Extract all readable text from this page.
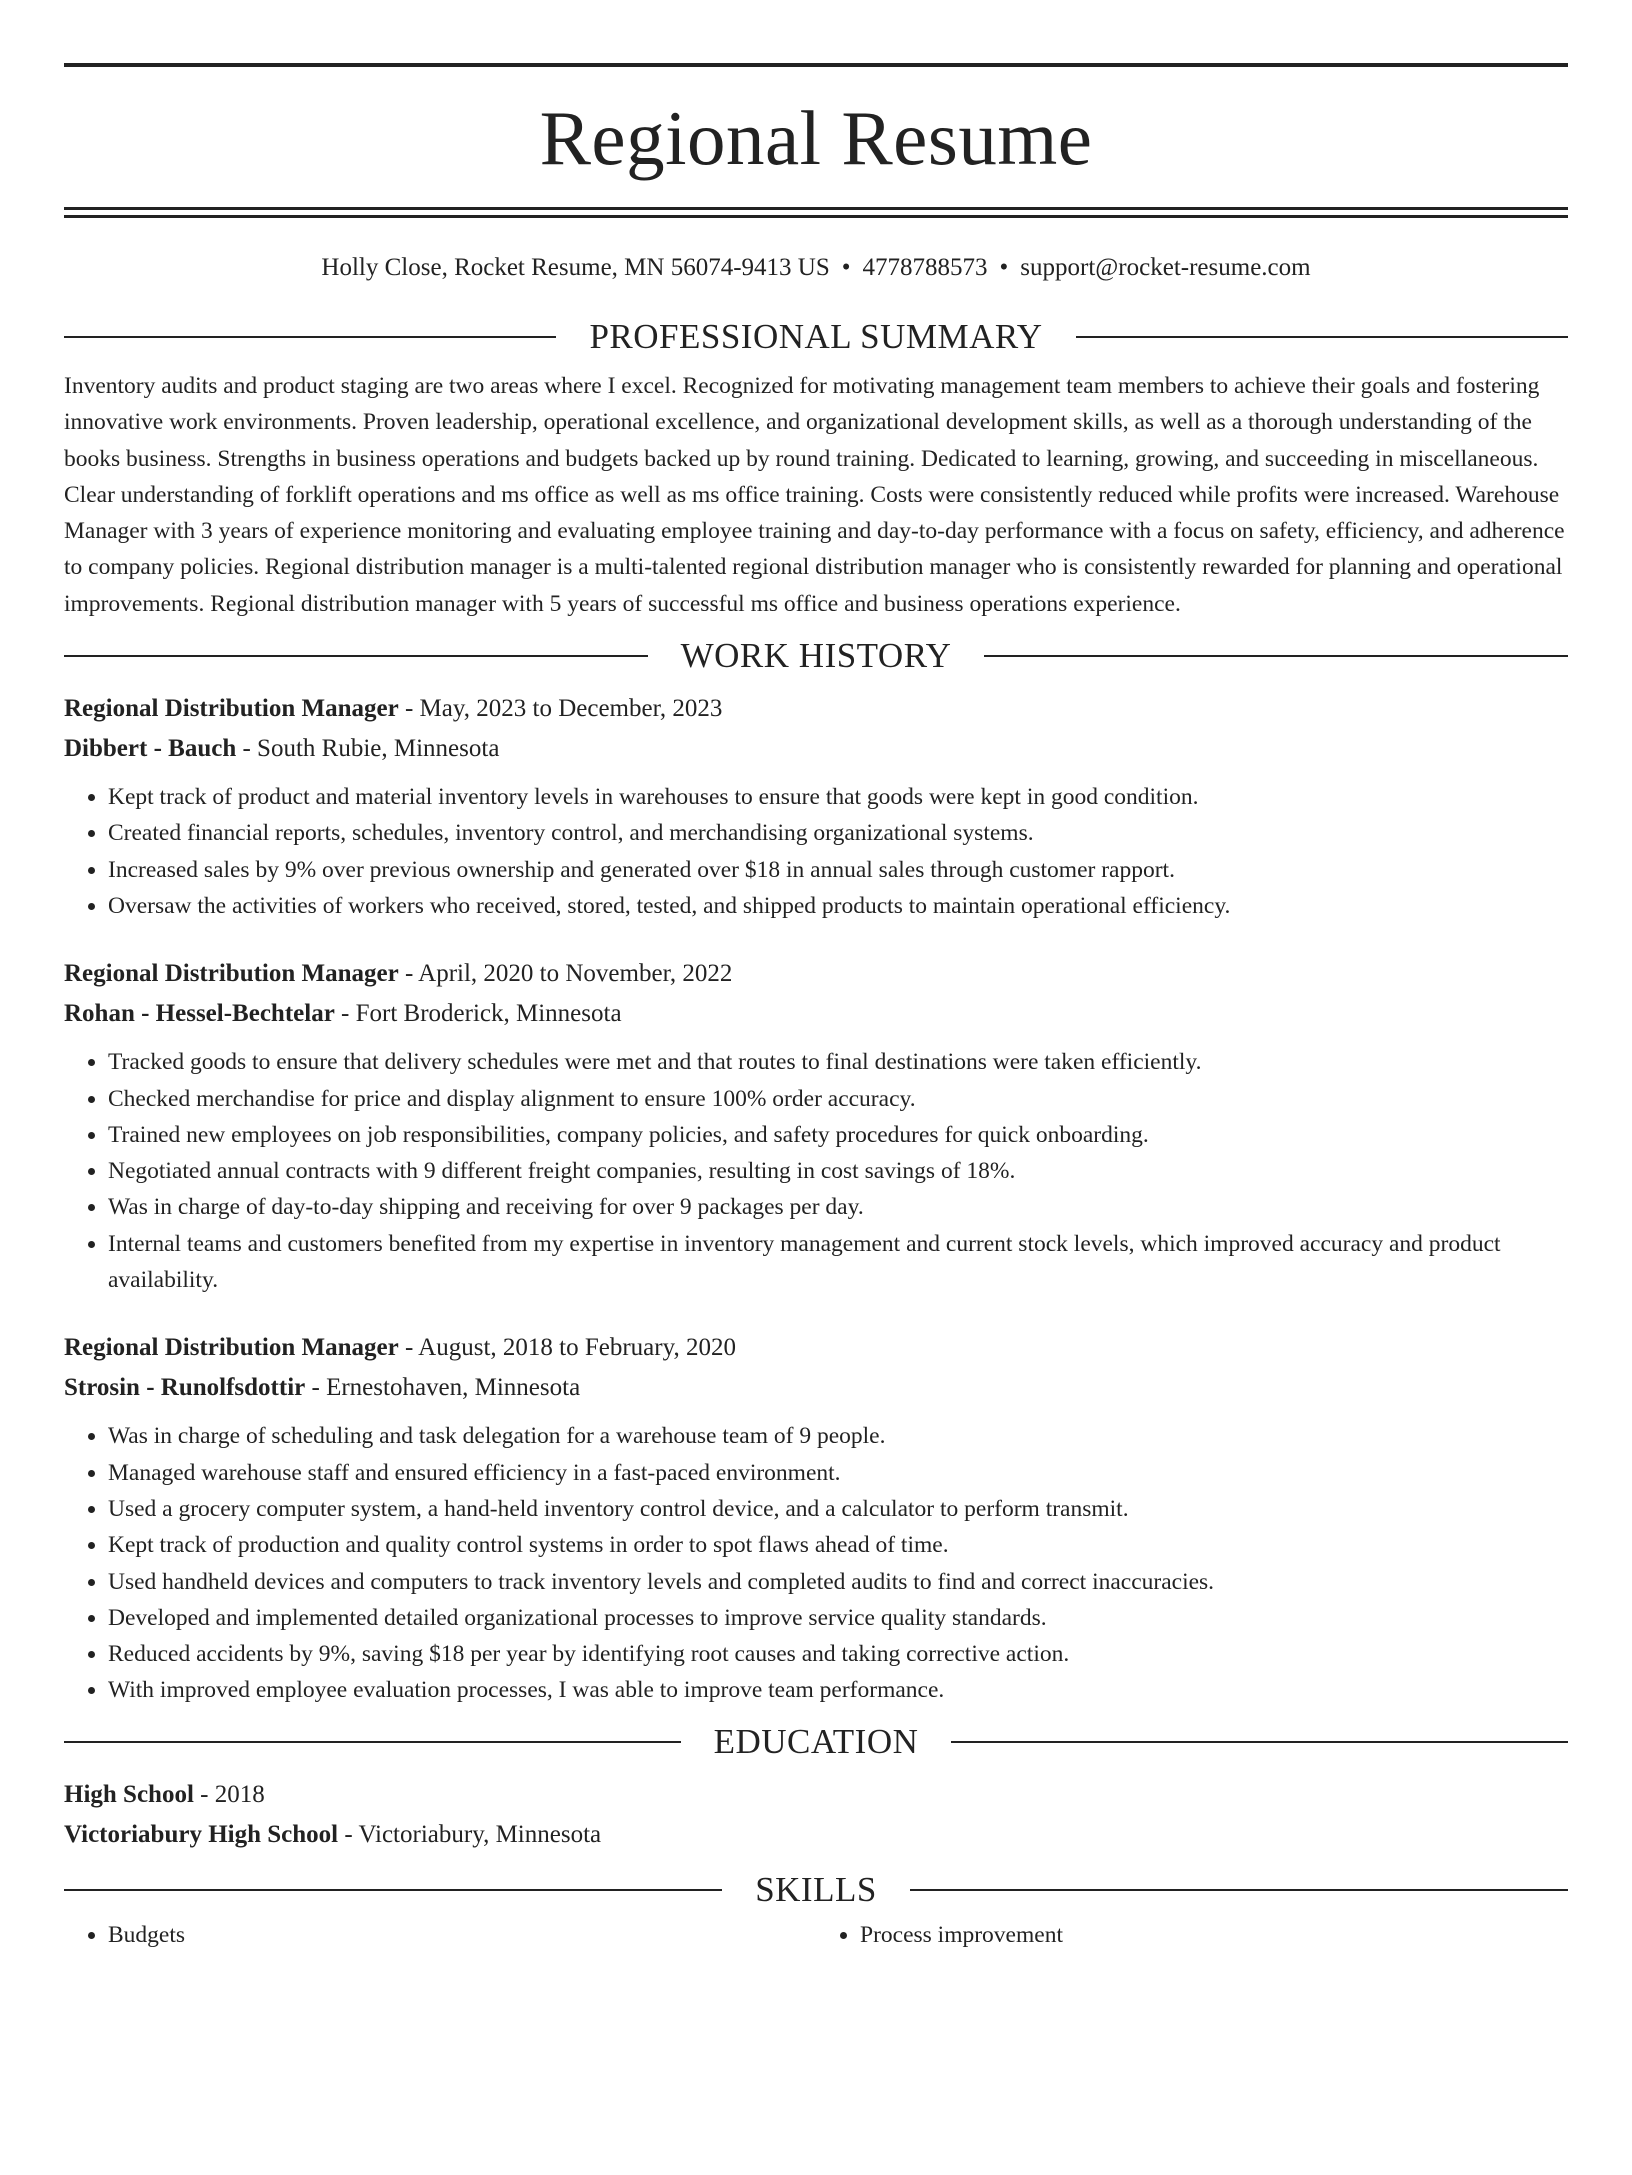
Regional Resume
Holly Close, Rocket Resume, MN 56074-9413 US • 4778788573 • support@rocket-resume.com
PROFESSIONAL SUMMARY

Inventory audits and product staging are two areas where I excel. Recognized for motivating management team members to achieve their goals and fostering innovative work environments. Proven leadership, operational excellence, and organizational development skills, as well as a thorough understanding of the books business. Strengths in business operations and budgets backed up by round training. Dedicated to learning, growing, and succeeding in miscellaneous. Clear understanding of forklift operations and ms office as well as ms office training. Costs were consistently reduced while profits were increased. Warehouse Manager with 3 years of experience monitoring and evaluating employee training and day-to-day performance with a focus on safety, efficiency, and adherence to company policies. Regional distribution manager is a multi-talented regional distribution manager who is consistently rewarded for planning and operational improvements. Regional distribution manager with 5 years of successful ms office and business operations experience.

WORK HISTORY
Regional Distribution Manager - May, 2023 to December, 2023
Dibbert - Bauch - South Rubie, Minnesota
• Kept track of product and material inventory levels in warehouses to ensure that goods were kept in good condition.
• Created financial reports, schedules, inventory control, and merchandising organizational systems.
• Increased sales by 9% over previous ownership and generated over $18 in annual sales through customer rapport.
• Oversaw the activities of workers who received, stored, tested, and shipped products to maintain operational efficiency.
Regional Distribution Manager - April, 2020 to November, 2022
Rohan - Hessel-Bechtelar - Fort Broderick, Minnesota
• Tracked goods to ensure that delivery schedules were met and that routes to final destinations were taken efficiently.
• Checked merchandise for price and display alignment to ensure 100% order accuracy.
• Trained new employees on job responsibilities, company policies, and safety procedures for quick onboarding.
• Negotiated annual contracts with 9 different freight companies, resulting in cost savings of 18%.
• Was in charge of day-to-day shipping and receiving for over 9 packages per day.
• Internal teams and customers benefited from my expertise in inventory management and current stock levels, which improved accuracy and product availability.
Regional Distribution Manager - August, 2018 to February, 2020
Strosin - Runolfsdottir - Ernestohaven, Minnesota
• Was in charge of scheduling and task delegation for a warehouse team of 9 people.
• Managed warehouse staff and ensured efficiency in a fast-paced environment.
• Used a grocery computer system, a hand-held inventory control device, and a calculator to perform transmit.
• Kept track of production and quality control systems in order to spot flaws ahead of time.
• Used handheld devices and computers to track inventory levels and completed audits to find and correct inaccuracies.
• Developed and implemented detailed organizational processes to improve service quality standards.
• Reduced accidents by 9%, saving $18 per year by identifying root causes and taking corrective action.
• With improved employee evaluation processes, I was able to improve team performance.
EDUCATION
High School - 2018
Victoriabury High School - Victoriabury, Minnesota
SKILLS
• Budgets
•	Process improvement
